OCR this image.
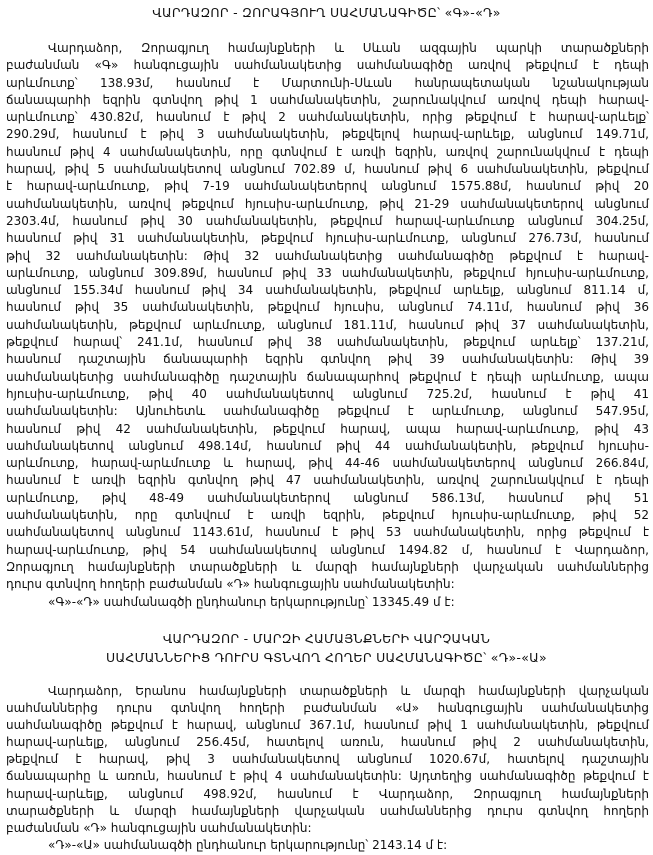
ՎԱՐԴԱԶՈՐ - ԶՈՐԱԳՅՈՒՂ ՍԱՀՄԱՆԱԳԻԾԸ՝ «Գ»-«Դ»
Վարդաձոր, Զորագյուղ համայնքների և Սևան ազգային պարկի տարածքների
բաժանման «Գ» հանգուցային սահմանակետից սահմանագիծը առվով թեքվում է դեպի
արևմուտք՝ 138.93մ, հասնում է Մարտունի-Սևան հանրապետական նշանակության
ճանապարհի եզրին գտնվող թիվ 1 սահմանակետին, շարունակվում առվով դեպի հարավ-
արևմուտք՝ 430.82մ, հասնում է թիվ 2 սահմանակետին, որից թեքվում է հարավ-արևելք՝
290.29մ, հասնում է թիվ 3 սահմանակետին, թեքվելով հարավ-արևելք, անցնում 149.71մ,
հասնում թիվ 4 սահմանակետին, որը գտնվում է առվի եզրին, առվով շարունակվում է դեպի
հարավ, թիվ 5 սահմանակետով անցնում 702.89 մ, հասնում թիվ 6 սահմանակետին, թեքվում
է հարավ-արևմուտք, թիվ 7-19 սահմանակետերով անցնում 1575.88մ, հասնում թիվ 20
սահմանակետին, առվով թեքվում հյուսիս-արևմուտք, թիվ 21-29 սահմանակետերով անցնում
2303.4մ, հասնում թիվ 30 սահմանակետին, թեքվում հարավ-արևմուտք անցնում 304.25մ,
հասնում թիվ 31 սահմանակետին, թեքվում հյուսիս-արևմուտք, անցնում 276.73մ, հասնում
թիվ 32 սահմանակետին: Թիվ 32 սահմանակետից սահմանագիծը թեքվում է հարավ-
արևմուտք, անցնում 309.89մ, հասնում թիվ 33 սահմանակետին, թեքվում հյուսիս-արևմուտք,
անցնում 155.34մ հասնում թիվ 34 սահմանակետին, թեքվում արևելք, անցնում 811.14 մ,
հասնում թիվ 35 սահմանակետին, թեքվում հյուսիս, անցնում 74.11մ, հասնում թիվ 36
սահմանակետին, թեքվում արևմուտք, անցնում 181.11մ, հասնում թիվ 37 սահմանակետին,
թեքվում հարավ՝ 241.1մ, հասնում թիվ 38 սահմանակետին, թեքվում արևելք՝ 137.21մ,
հասնում դաշտային ճանապարհի եզրին գտնվող թիվ 39 սահմանակետին: Թիվ 39
սահմանակետից սահմանագիծը դաշտային ճանապարհով թեքվում է դեպի արևմուտք, ապա
հյուսիս-արևմուտք, թիվ 40 սահմանակետով անցնում 725.2մ, հասնում է թիվ 41
սահմանակետին: Այնուհետև սահմանագիծը թեքվում է արևմուտք, անցնում 547.95մ,
հասնում թիվ 42 սահմանակետին, թեքվում հարավ, ապա հարավ-արևմուտք, թիվ 43
սահմանակետով անցնում 498.14մ, հասնում թիվ 44 սահմանակետին, թեքվում հյուսիս-
արևմուտք, հարավ-արևմուտք և հարավ, թիվ 44-46 սահմանակետերով անցնում 266.84մ,
հասնում է առվի եզրին գտնվող թիվ 47 սահմանակետին, առվով շարունակվում է դեպի
արևմուտք, թիվ 48-49 սահմանակետերով անցնում 586.13մ, հասնում թիվ 51
սահմանակետին, որը գտնվում է առվի եզրին, թեքվում հյուսիս-արևմուտք, թիվ 52
սահմանակետով անցնում 1143.61մ, հասնում է թիվ 53 սահմանակետին, որից թեքվում է
հարավ-արևմուտք, թիվ 54 սահմանակետով անցնում 1494.82 մ, հասնում է Վարդաձոր,
Զորագյուղ համայնքների տարածքների և մարզի համայնքների վարչական սահմաններից
դուրս գտնվող հողերի բաժանման «Դ» հանգուցային սահմանակետին:
«Գ»-«Դ» սահմանագծի ընդհանուր երկարությունը՝ 13345.49 մ է:
ՎԱՐԴԱԶՈՐ - ՄԱՐԶԻ ՀԱՄԱՅՆՔՆԵՐԻ ՎԱՐՉԱԿԱՆ
ՍԱՀՄԱՆՆԵՐԻՑ ԴՈՒՐՍ ԳՏՆՎՈՂ ՀՈՂԵՐ ՍԱՀՄԱՆԱԳԻԾԸ՝ «Դ»-«Ա»
Վարդաձոր, Երանոս համայնքների տարածքների և մարզի համայնքների վարչական
սահմաններից դուրս գտնվող հողերի բաժանման «Ա» հանգուցային սահմանակետից
սահմանագիծը թեքվում է հարավ, անցնում 367.1մ, հասնում թիվ 1 սահմանակետին, թեքվում
հարավ-արևելք, անցնում 256.45մ, հատելով առուն, հասնում թիվ 2 սահմանակետին,
թեքվում է հարավ, թիվ 3 սահմանակետով անցնում 1020.67մ, հատելով դաշտային
ճանապարհը և առուն, հասնում է թիվ 4 սահմանակետին: Այդտեղից սահմանագիծը թեքվում է
հարավ-արևելք, անցնում 498.92մ, հասնում է Վարդաձոր, Զորագյուղ համայնքների
տարածքների և մարզի համայնքների վարչական սահմաններից դուրս գտնվող հողերի
բաժանման «Դ» հանգուցային սահմանակետին:
«Դ»-«Ա» սահմանագծի ընդհանուր երկարությունը՝ 2143.14 մ է:
